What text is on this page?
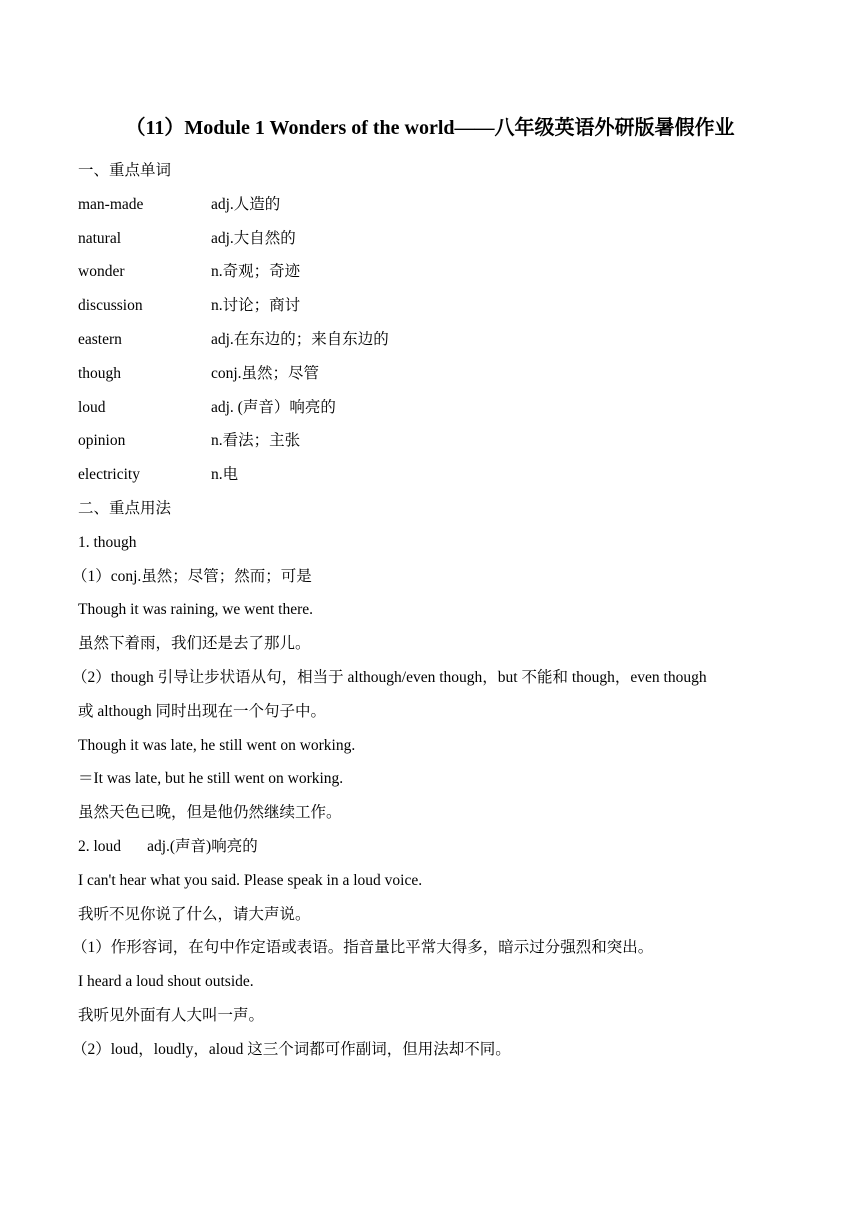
（11）Module 1 Wonders of the world——八年级英语外研版暑假作业
一、重点单词
man-made	adj.人造的
natural	adj.大自然的
wonder	n.奇观；奇迹
discussion	n.讨论；商讨
eastern	adj.在东边的；来自东边的
though	conj.虽然；尽管
loud	adj. (声音）响亮的
opinion	n.看法；主张
electricity	n.电
二、重点用法
1. though
（1）conj.虽然；尽管；然而；可是
Though it was raining, we went there.
虽然下着雨，我们还是去了那儿。
（2）though 引导让步状语从句，相当于 although/even though，but 不能和 though，even though
或 although 同时出现在一个句子中。
Though it was late, he still went on working.
＝It was late, but he still went on working.
虽然天色已晚，但是他仍然继续工作。
2. loud adj.(声音)响亮的
I can't hear what you said. Please speak in a loud voice.
我听不见你说了什么，请大声说。
（1）作形容词，在句中作定语或表语。指音量比平常大得多，暗示过分强烈和突出。
I heard a loud shout outside.
我听见外面有人大叫一声。
（2）loud，loudly，aloud 这三个词都可作副词，但用法却不同。
